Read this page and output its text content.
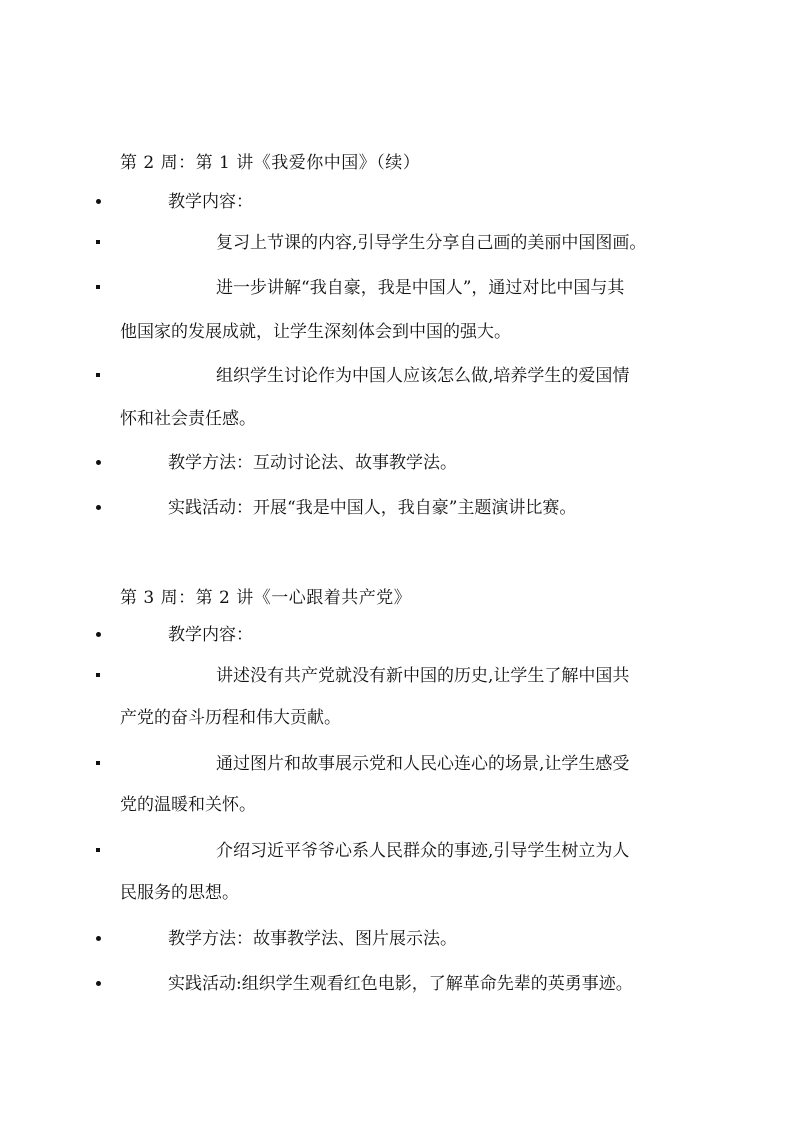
第 2 周：第 1 讲《我爱你中国》（续）
教学内容：
复习上节课的内容,引导学生分享自己画的美丽中国图画。
进一步讲解“我自豪，我是中国人”，通过对比中国与其
他国家的发展成就，让学生深刻体会到中国的强大。
组织学生讨论作为中国人应该怎么做,培养学生的爱国情
怀和社会责任感。
教学方法：互动讨论法、故事教学法。
实践活动：开展“我是中国人，我自豪”主题演讲比赛。
第 3 周：第 2 讲《一心跟着共产党》
教学内容：
讲述没有共产党就没有新中国的历史,让学生了解中国共
产党的奋斗历程和伟大贡献。
通过图片和故事展示党和人民心连心的场景,让学生感受
党的温暖和关怀。
介绍习近平爷爷心系人民群众的事迹,引导学生树立为人
民服务的思想。
教学方法：故事教学法、图片展示法。
实践活动:组织学生观看红色电影，了解革命先辈的英勇事迹。
